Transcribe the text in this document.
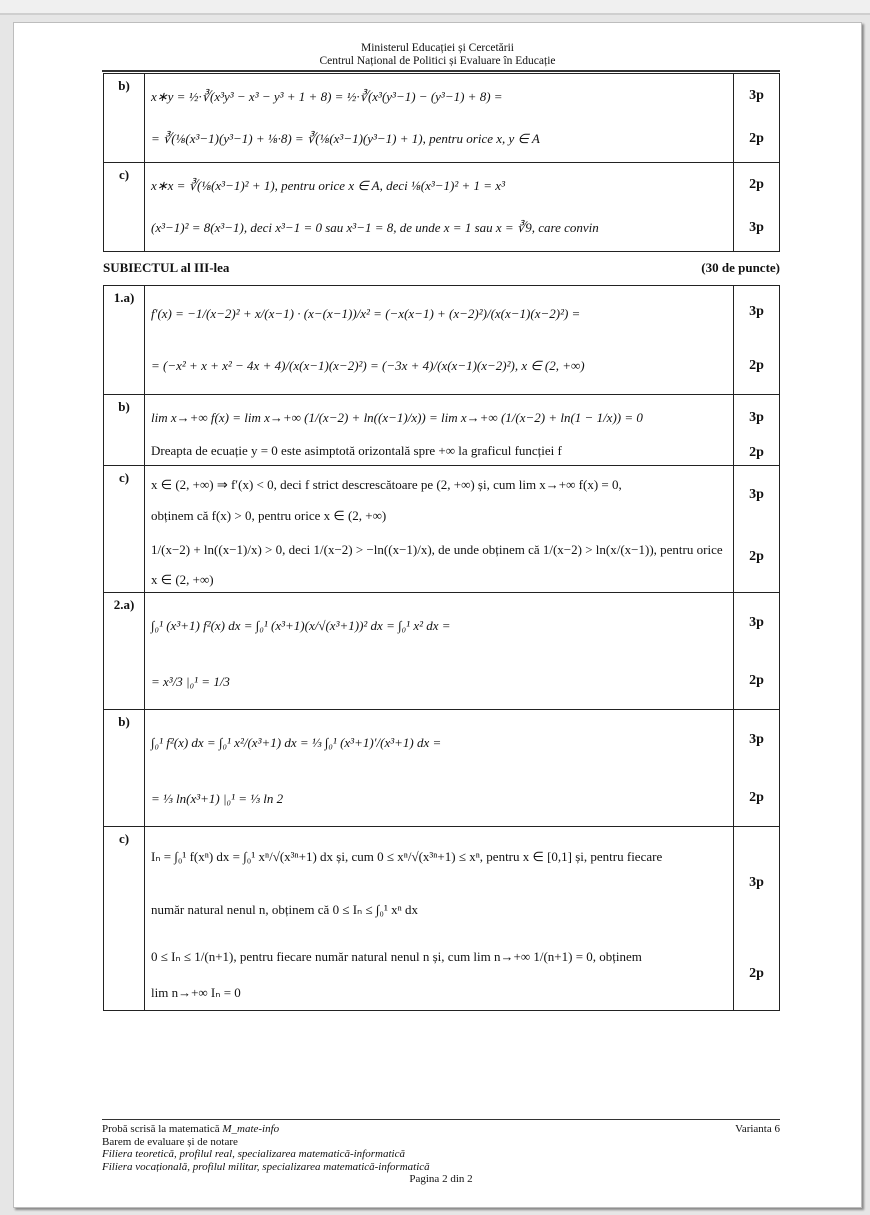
Ministerul Educației și Cercetării
Centrul Național de Politici și Evaluare în Educație
b)	
x∗y = ½·∛(x³y³ − x³ − y³ + 1 + 8) = ½·∛(x³(y³−1) − (y³−1) + 8) =
= ∛(⅛(x³−1)(y³−1) + ⅛·8) = ∛(⅛(x³−1)(y³−1) + 1), pentru orice x, y ∈ A

3p
2p

c)	
x∗x = ∛(⅛(x³−1)² + 1), pentru orice x ∈ A, deci ⅛(x³−1)² + 1 = x³
(x³−1)² = 8(x³−1), deci x³−1 = 0 sau x³−1 = 8, de unde x = 1 sau x = ∛9, care convin

2p
3p
SUBIECTUL al III-lea	(30 de puncte)
1.a)	
f′(x) = −1/(x−2)² + x/(x−1) · (x−(x−1))/x² = (−x(x−1) + (x−2)²)/(x(x−1)(x−2)²) =
= (−x² + x + x² − 4x + 4)/(x(x−1)(x−2)²) = (−3x + 4)/(x(x−1)(x−2)²), x ∈ (2, +∞)

3p
2p

b)	
lim x→+∞ f(x) = lim x→+∞ (1/(x−2) + ln((x−1)/x)) = lim x→+∞ (1/(x−2) + ln(1 − 1/x)) = 0
Dreapta de ecuație y = 0 este asimptotă orizontală spre +∞ la graficul funcției f

3p
2p

c)	x ∈ (2, +∞) ⇒ f′(x) < 0, deci f strict descrescătoare pe (2, +∞) și, cum lim x→+∞ f(x) = 0,
obținem că f(x) > 0, pentru orice x ∈ (2, +∞)
1/(x−2) + ln((x−1)/x) > 0, deci 1/(x−2) > −ln((x−1)/x), de unde obținem că 1/(x−2) > ln(x/(x−1)), pentru orice
x ∈ (2, +∞)

3p
2p

2.a)	
∫₀¹ (x³+1) f²(x) dx = ∫₀¹ (x³+1)(x/√(x³+1))² dx = ∫₀¹ x² dx =
= x³/3 |₀¹ = 1/3

3p
2p

b)	
∫₀¹ f²(x) dx = ∫₀¹ x²/(x³+1) dx = ⅓ ∫₀¹ (x³+1)′/(x³+1) dx =
= ⅓ ln(x³+1) |₀¹ = ⅓ ln 2

3p
2p

c)	
Iₙ = ∫₀¹ f(xⁿ) dx = ∫₀¹ xⁿ/√(x³ⁿ+1) dx și, cum 0 ≤ xⁿ/√(x³ⁿ+1) ≤ xⁿ, pentru x ∈ [0,1] și, pentru fiecare
număr natural nenul n, obținem că 0 ≤ Iₙ ≤ ∫₀¹ xⁿ dx
0 ≤ Iₙ ≤ 1/(n+1), pentru fiecare număr natural nenul n și, cum lim n→+∞ 1/(n+1) = 0, obținem
lim n→+∞ Iₙ = 0

3p
2p
Probă scrisă la matematică M_mate-info	Varianta 6
Barem de evaluare și de notare
Filiera teoretică, profilul real, specializarea matematică-informatică
Filiera vocațională, profilul militar, specializarea matematică-informatică
Pagina 2 din 2
